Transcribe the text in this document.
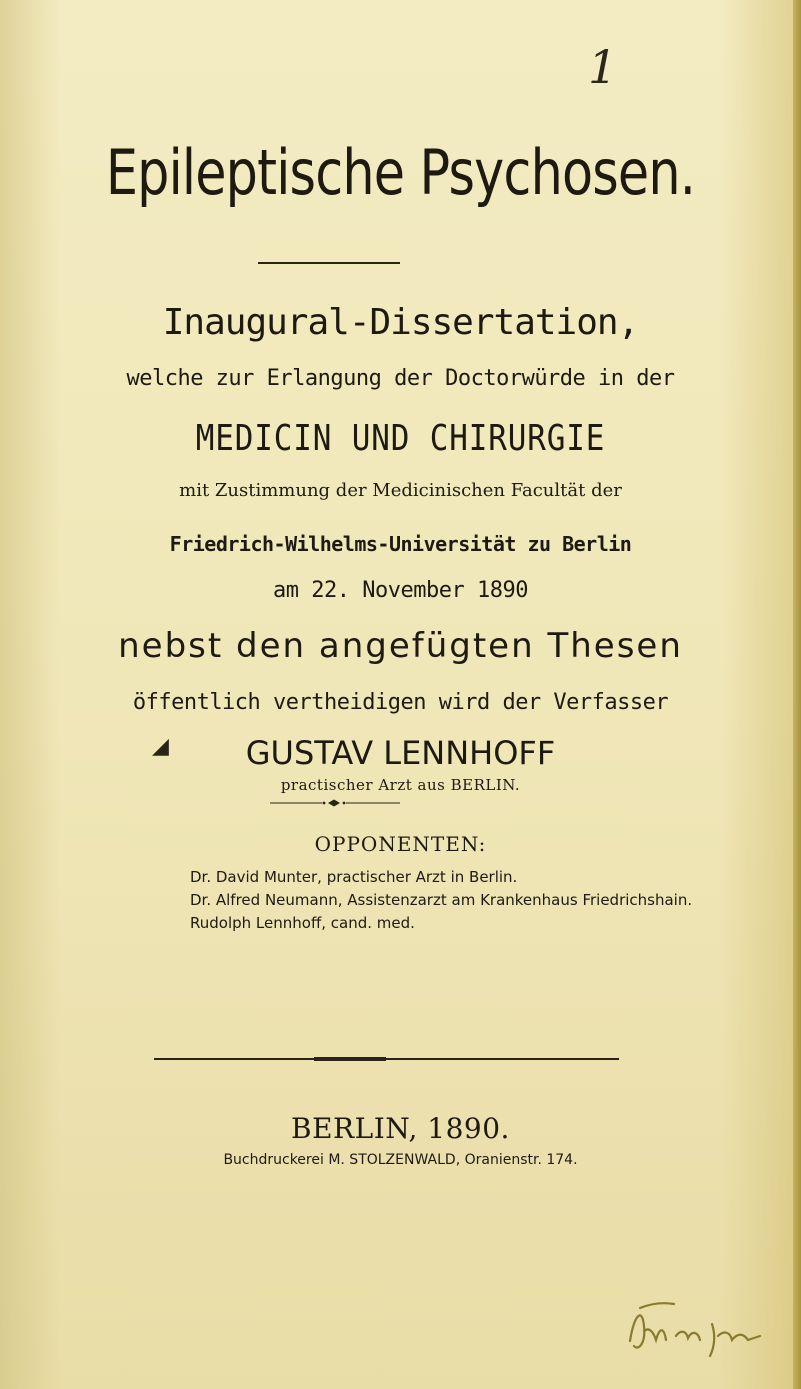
1
Epileptische Psychosen.
Inaugural-Dissertation,
welche zur Erlangung der Doctorwürde in der
MEDICIN UND CHIRURGIE
mit Zustimmung der Medicinischen Facultät der
Friedrich-Wilhelms-Universität zu Berlin
am 22. November 1890
nebst den angefügten Thesen
öffentlich vertheidigen wird der Verfasser
◢	GUSTAV LENNHOFF
practischer Arzt aus BERLIN.
OPPONENTEN:
Dr. David Munter, practischer Arzt in Berlin.
Dr. Alfred Neumann, Assistenzarzt am Krankenhaus Friedrichshain.
Rudolph Lennhoff, cand. med.
BERLIN, 1890.
Buchdruckerei M. STOLZENWALD, Oranienstr. 174.
